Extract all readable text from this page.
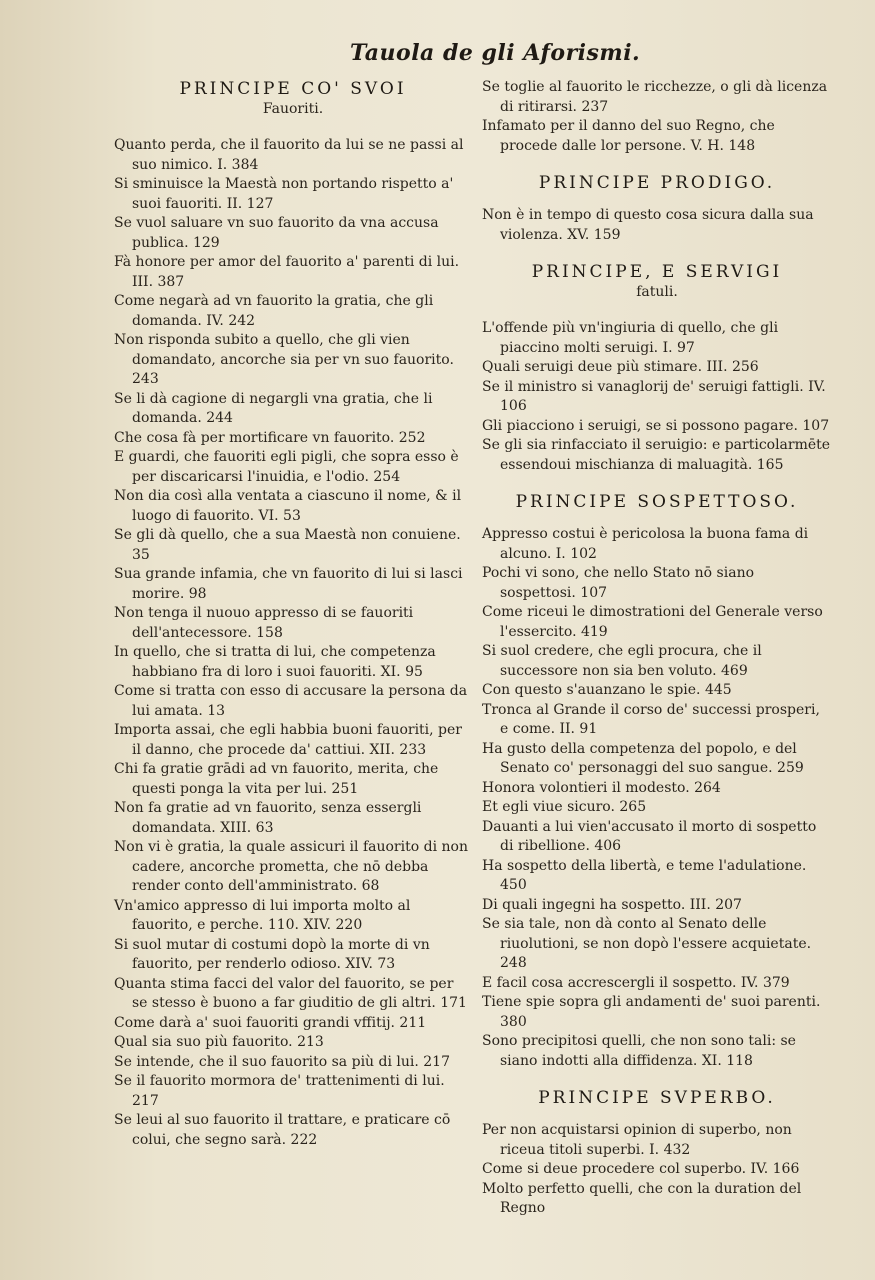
Tauola de gli Aforismi.

PRINCIPE CO' SVOI

Fauoriti.

Quanto perda, che il fauorito da lui se ne passi al suo nimico. I. 384

Si sminuisce la Maestà non portando rispetto a' suoi fauoriti. II. 127

Se vuol saluare vn suo fauorito da vna accusa publica. 129

Fà honore per amor del fauorito a' parenti di lui. III. 387

Come negarà ad vn fauorito la gratia, che gli domanda. IV. 242

Non risponda subito a quello, che gli vien domandato, ancorche sia per vn suo fauorito. 243

Se li dà cagione di negargli vna gratia, che li domanda. 244

Che cosa fà per mortificare vn fauorito. 252

E guardi, che fauoriti egli pigli, che sopra esso è per discaricarsi l'inuidia, e l'odio. 254

Non dia così alla ventata a ciascuno il nome, & il luogo di fauorito. VI. 53

Se gli dà quello, che a sua Maestà non conuiene. 35

Sua grande infamia, che vn fauorito di lui si lasci morire. 98

Non tenga il nuouo appresso di se fauoriti dell'antecessore. 158

In quello, che si tratta di lui, che competenza habbiano fra di loro i suoi fauoriti. XI. 95

Come si tratta con esso di accusare la persona da lui amata. 13

Importa assai, che egli habbia buoni fauoriti, per il danno, che procede da' cattiui. XII. 233

Chi fa gratie grādi ad vn fauorito, merita, che questi ponga la vita per lui. 251

Non fa gratie ad vn fauorito, senza essergli domandata. XIII. 63

Non vi è gratia, la quale assicuri il fauorito di non cadere, ancorche prometta, che nō debba render conto dell'amministrato. 68

Vn'amico appresso di lui importa molto al fauorito, e perche. 110. XIV. 220

Si suol mutar di costumi dopò la morte di vn fauorito, per renderlo odioso. XIV. 73

Quanta stima facci del valor del fauorito, se per se stesso è buono a far giuditio de gli altri. 171

Come darà a' suoi fauoriti grandi vffitij. 211

Qual sia suo più fauorito. 213

Se intende, che il suo fauorito sa più di lui. 217

Se il fauorito mormora de' trattenimenti di lui. 217

Se leui al suo fauorito il trattare, e praticare cō colui, che segno sarà. 222

Se toglie al fauorito le ricchezze, o gli dà licenza di ritirarsi. 237

Infamato per il danno del suo Regno, che procede dalle lor persone. V. H. 148

PRINCIPE PRODIGO.

Non è in tempo di questo cosa sicura dalla sua violenza. XV. 159

PRINCIPE, E SERVIGI

fatuli.

L'offende più vn'ingiuria di quello, che gli piaccino molti seruigi. I. 97

Quali seruigi deue più stimare. III. 256

Se il ministro si vanaglorij de' seruigi fattigli. IV. 106

Gli piacciono i seruigi, se si possono pagare. 107

Se gli sia rinfacciato il seruigio: e particolarmēte essendoui mischianza di maluagità. 165

PRINCIPE SOSPETTOSO.

Appresso costui è pericolosa la buona fama di alcuno. I. 102

Pochi vi sono, che nello Stato nō siano sospettosi. 107

Come riceui le dimostrationi del Generale verso l'essercito. 419

Si suol credere, che egli procura, che il successore non sia ben voluto. 469

Con questo s'auanzano le spie. 445

Tronca al Grande il corso de' successi prosperi, e come. II. 91

Ha gusto della competenza del popolo, e del Senato co' personaggi del suo sangue. 259

Honora volontieri il modesto. 264

Et egli viue sicuro. 265

Dauanti a lui vien'accusato il morto di sospetto di ribellione. 406

Ha sospetto della libertà, e teme l'adulatione. 450

Di quali ingegni ha sospetto. III. 207

Se sia tale, non dà conto al Senato delle riuolutioni, se non dopò l'essere acquietate. 248

E facil cosa accrescergli il sospetto. IV. 379

Tiene spie sopra gli andamenti de' suoi parenti. 380

Sono precipitosi quelli, che non sono tali: se siano indotti alla diffidenza. XI. 118

PRINCIPE SVPERBO.

Per non acquistarsi opinion di superbo, non riceua titoli superbi. I. 432

Come si deue procedere col superbo. IV. 166

Molto perfetto quelli, che con la duration del Regno
